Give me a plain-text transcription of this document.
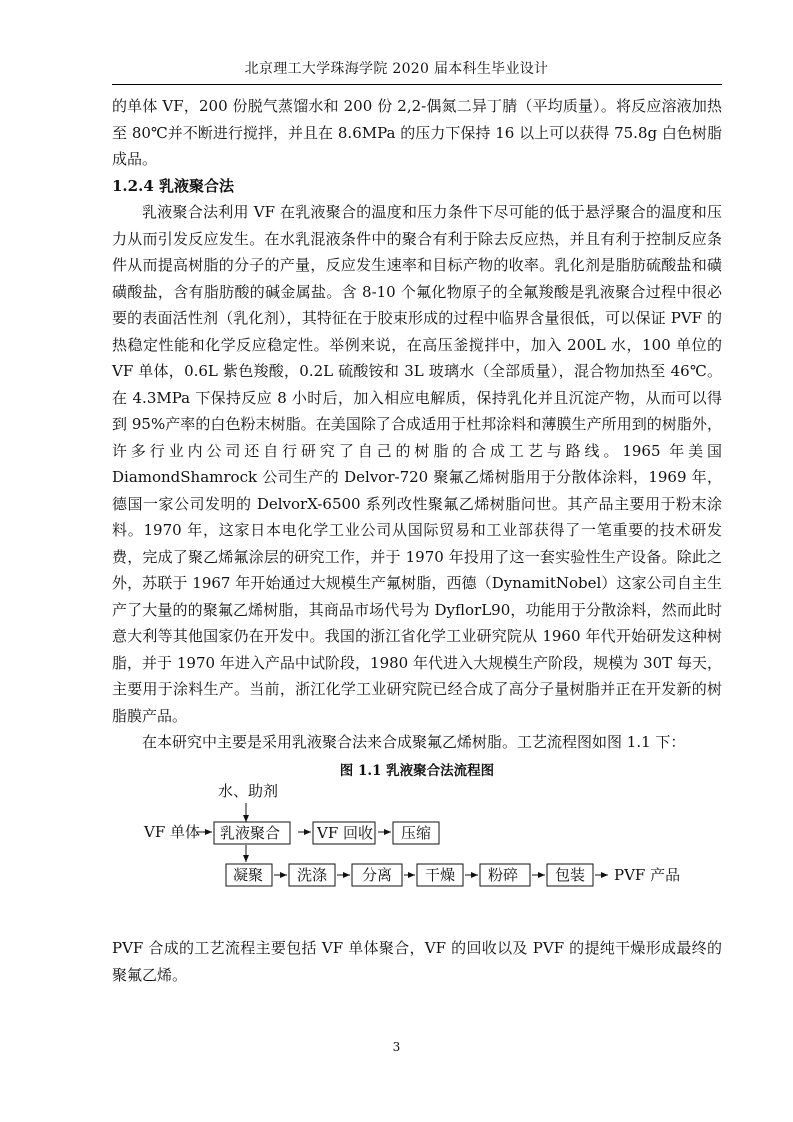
北京理工大学珠海学院 2020 届本科生毕业设计

的单体 VF，200 份脱气蒸馏水和 200 份 2,2-偶氮二异丁腈（平均质量）。将反应溶液加热至 80℃并不断进行搅拌，并且在 8.6MPa 的压力下保持 16 以上可以获得 75.8g 白色树脂成品。

1.2.4 乳液聚合法

乳液聚合法利用 VF 在乳液聚合的温度和压力条件下尽可能的低于悬浮聚合的温度和压力从而引发反应发生。在水乳混液条件中的聚合有利于除去反应热，并且有利于控制反应条件从而提高树脂的分子的产量，反应发生速率和目标产物的收率。乳化剂是脂肪硫酸盐和磺磺酸盐，含有脂肪酸的碱金属盐。含 8-10 个氟化物原子的全氟羧酸是乳液聚合过程中很必要的表面活性剂（乳化剂），其特征在于胶束形成的过程中临界含量很低，可以保证 PVF 的热稳定性能和化学反应稳定性。举例来说，在高压釜搅拌中，加入 200L 水，100 单位的 VF 单体，0.6L 紫色羧酸，0.2L 硫酸铵和 3L 玻璃水（全部质量），混合物加热至 46℃。在 4.3MPa 下保持反应 8 小时后，加入相应电解质，保持乳化并且沉淀产物，从而可以得到 95%产率的白色粉末树脂。在美国除了合成适用于杜邦涂料和薄膜生产所用到的树脂外，许多行业内公司还自行研究了自己的树脂的合成工艺与路线。1965 年美国 DiamondShamrock 公司生产的 Delvor-720 聚氟乙烯树脂用于分散体涂料，1969 年，德国一家公司发明的 DelvorX-6500 系列改性聚氟乙烯树脂问世。其产品主要用于粉末涂料。1970 年，这家日本电化学工业公司从国际贸易和工业部获得了一笔重要的技术研发费，完成了聚乙烯氟涂层的研究工作，并于 1970 年投用了这一套实验性生产设备。除此之外，苏联于 1967 年开始通过大规模生产氟树脂，西德（DynamitNobel）这家公司自主生产了大量的的聚氟乙烯树脂，其商品市场代号为 DyflorL90，功能用于分散涂料，然而此时意大利等其他国家仍在开发中。我国的浙江省化学工业研究院从 1960 年代开始研发这种树脂，并于 1970 年进入产品中试阶段，1980 年代进入大规模生产阶段，规模为 30T 每天，主要用于涂料生产。当前，浙江化学工业研究院已经合成了高分子量树脂并正在开发新的树脂膜产品。

在本研究中主要是采用乳液聚合法来合成聚氟乙烯树脂。工艺流程图如图 1.1 下：

图 1.1 乳液聚合法流程图

水、助剂
VF 单体 乳液聚合 VF 回收 压缩
凝聚 洗涤 分离 干燥 粉碎 包装 PVF 产品

PVF 合成的工艺流程主要包括 VF 单体聚合，VF 的回收以及 PVF 的提纯干燥形成最终的聚氟乙烯。

3
